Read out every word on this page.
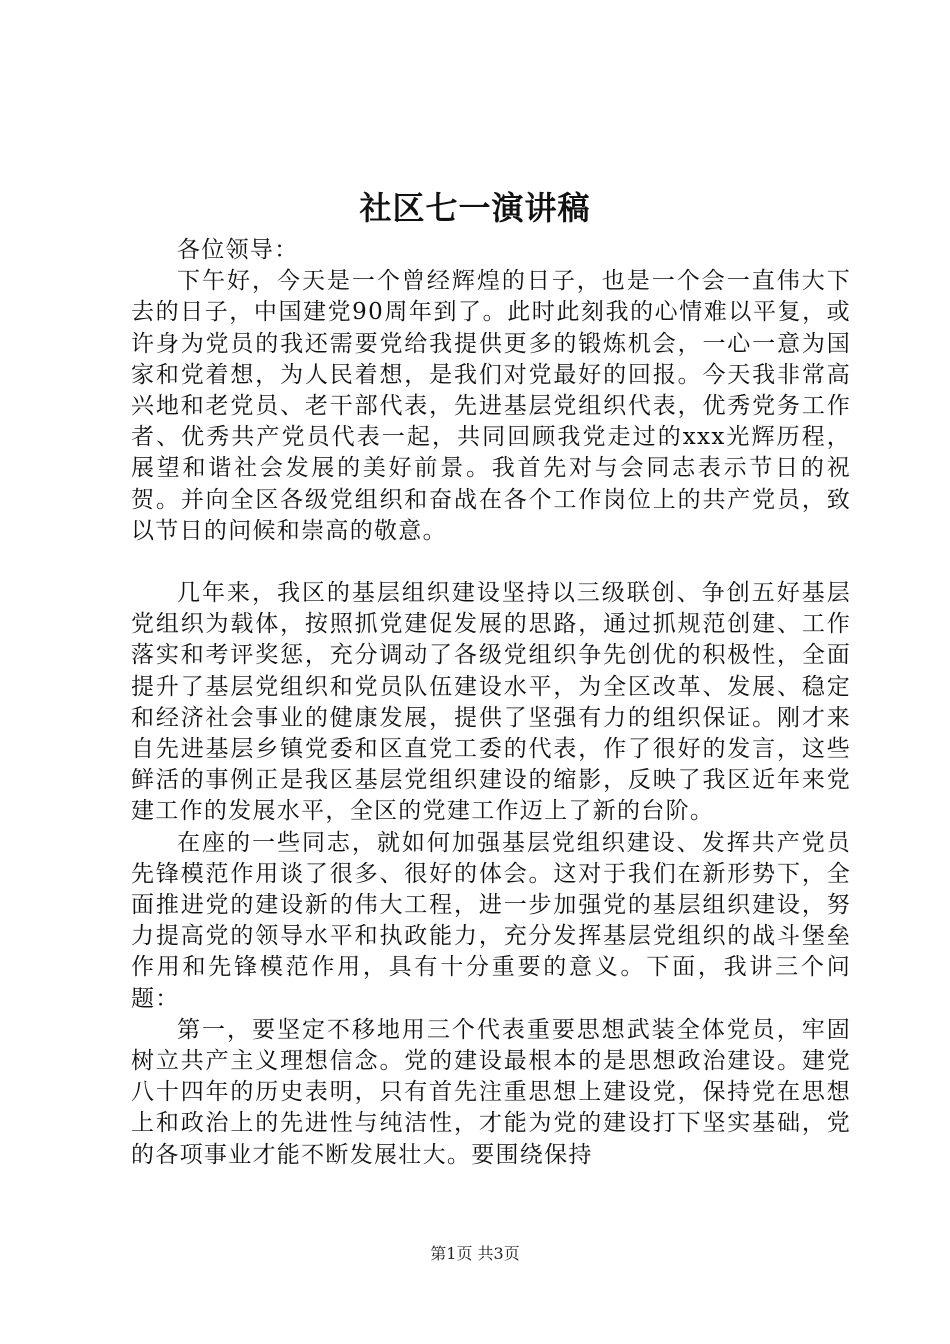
社区七一演讲稿

各位领导：

下午好，今天是一个曾经辉煌的日子，也是一个会一直伟大下去的日子，中国建党90周年到了。此时此刻我的心情难以平复，或许身为党员的我还需要党给我提供更多的锻炼机会，一心一意为国家和党着想，为人民着想，是我们对党最好的回报。今天我非常高兴地和老党员、老干部代表，先进基层党组织代表，优秀党务工作者、优秀共产党员代表一起，共同回顾我党走过的xxx光辉历程，展望和谐社会发展的美好前景。我首先对与会同志表示节日的祝贺。并向全区各级党组织和奋战在各个工作岗位上的共产党员，致以节日的问候和崇高的敬意。

几年来，我区的基层组织建设坚持以三级联创、争创五好基层党组织为载体，按照抓党建促发展的思路，通过抓规范创建、工作落实和考评奖惩，充分调动了各级党组织争先创优的积极性，全面提升了基层党组织和党员队伍建设水平，为全区改革、发展、稳定和经济社会事业的健康发展，提供了坚强有力的组织保证。刚才来自先进基层乡镇党委和区直党工委的代表，作了很好的发言，这些鲜活的事例正是我区基层党组织建设的缩影，反映了我区近年来党建工作的发展水平，全区的党建工作迈上了新的台阶。

在座的一些同志，就如何加强基层党组织建设、发挥共产党员先锋模范作用谈了很多、很好的体会。这对于我们在新形势下，全面推进党的建设新的伟大工程，进一步加强党的基层组织建设，努力提高党的领导水平和执政能力，充分发挥基层党组织的战斗堡垒作用和先锋模范作用，具有十分重要的意义。下面，我讲三个问题：

第一，要坚定不移地用三个代表重要思想武装全体党员，牢固树立共产主义理想信念。党的建设最根本的是思想政治建设。建党八十四年的历史表明，只有首先注重思想上建设党，保持党在思想上和政治上的先进性与纯洁性，才能为党的建设打下坚实基础，党的各项事业才能不断发展壮大。要围绕保持

第1页 共3页
